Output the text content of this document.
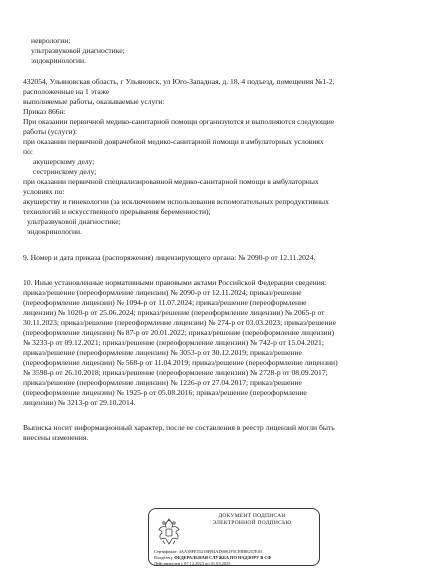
неврологии;
ультразвуковой диагностике;
эндокринологии.
432054, Ульяновская область, г Ульяновск, ул Юго-Западная, д. 18, 4 подъезд, помещения №1-2,
расположенные на 1 этаже
выполняемые работы, оказываемые услуги:
Приказ 866н:
При оказании первичной медико-санитарной помощи организуются и выполняются следующие
работы (услуги):
при оказании первичной доврачебной медико-санитарной помощи в амбулаторных условиях
по:
акушерскому делу;
сестринскому делу;
при оказании первичной специализированной медико-санитарной помощи в амбулаторных
условиях по:
акушерству и гинекологии (за исключением использования вспомогательных репродуктивных
технологий и искусственного прерывания беременности);
ультразвуковой диагностике;
эндокринологии.
9. Номер и дата приказа (распоряжения) лицензирующего органа: № 2090-р от 12.11.2024.
10. Иные установленные нормативными правовыми актами Российской Федерации сведения:
приказ/решение (переоформление лицензии) № 2090-р от 12.11.2024; приказ/решение
(переоформление лицензии) № 1094-р от 11.07.2024; приказ/решение (переоформление
лицензии) № 1020-р от 25.06.2024; приказ/решение (переоформление лицензии) № 2065-р от
30.11.2023; приказ/решение (переоформление лицензии) № 274-р от 03.03.2023; приказ/решение
(переоформление лицензии) № 87-р от 20.01.2022; приказ/решение (переоформление лицензии)
№ 3233-р от 09.12.2021; приказ/решение (переоформление лицензии) № 742-р от 15.04.2021;
приказ/решение (переоформление лицензии) № 3053-р от 30.12.2019; приказ/решение
(переоформление лицензии) № 568-р от 11.04.2019; приказ/решение (переоформление лицензии)
№ 3598-р от 26.10.2018; приказ/решение (переоформление лицензии) № 2728-р от 08.09.2017;
приказ/решение (переоформление лицензии) № 1226-р от 27.04.2017; приказ/решение
(переоформление лицензии) № 1925-р от 05.08.2016; приказ/решение (переоформление
лицензии) № 3213-р от 29.10.2014.
Выписка носит информационный характер, после ее составления в реестр лицензий могли быть
внесены изменения.
ДОКУМЕНТ ПОДПИСАН
ЭЛЕКТРОННОЙ ПОДПИСЬЮ
Сертификат: 4AA38FE55218FB4AD0061F5CFBB8257E03
Владелец: ФЕДЕРАЛЬНАЯ СЛУЖБА ПО НАДЗОРУ В СФ
Действителен с 07.12.2023 по 01.03.2025
